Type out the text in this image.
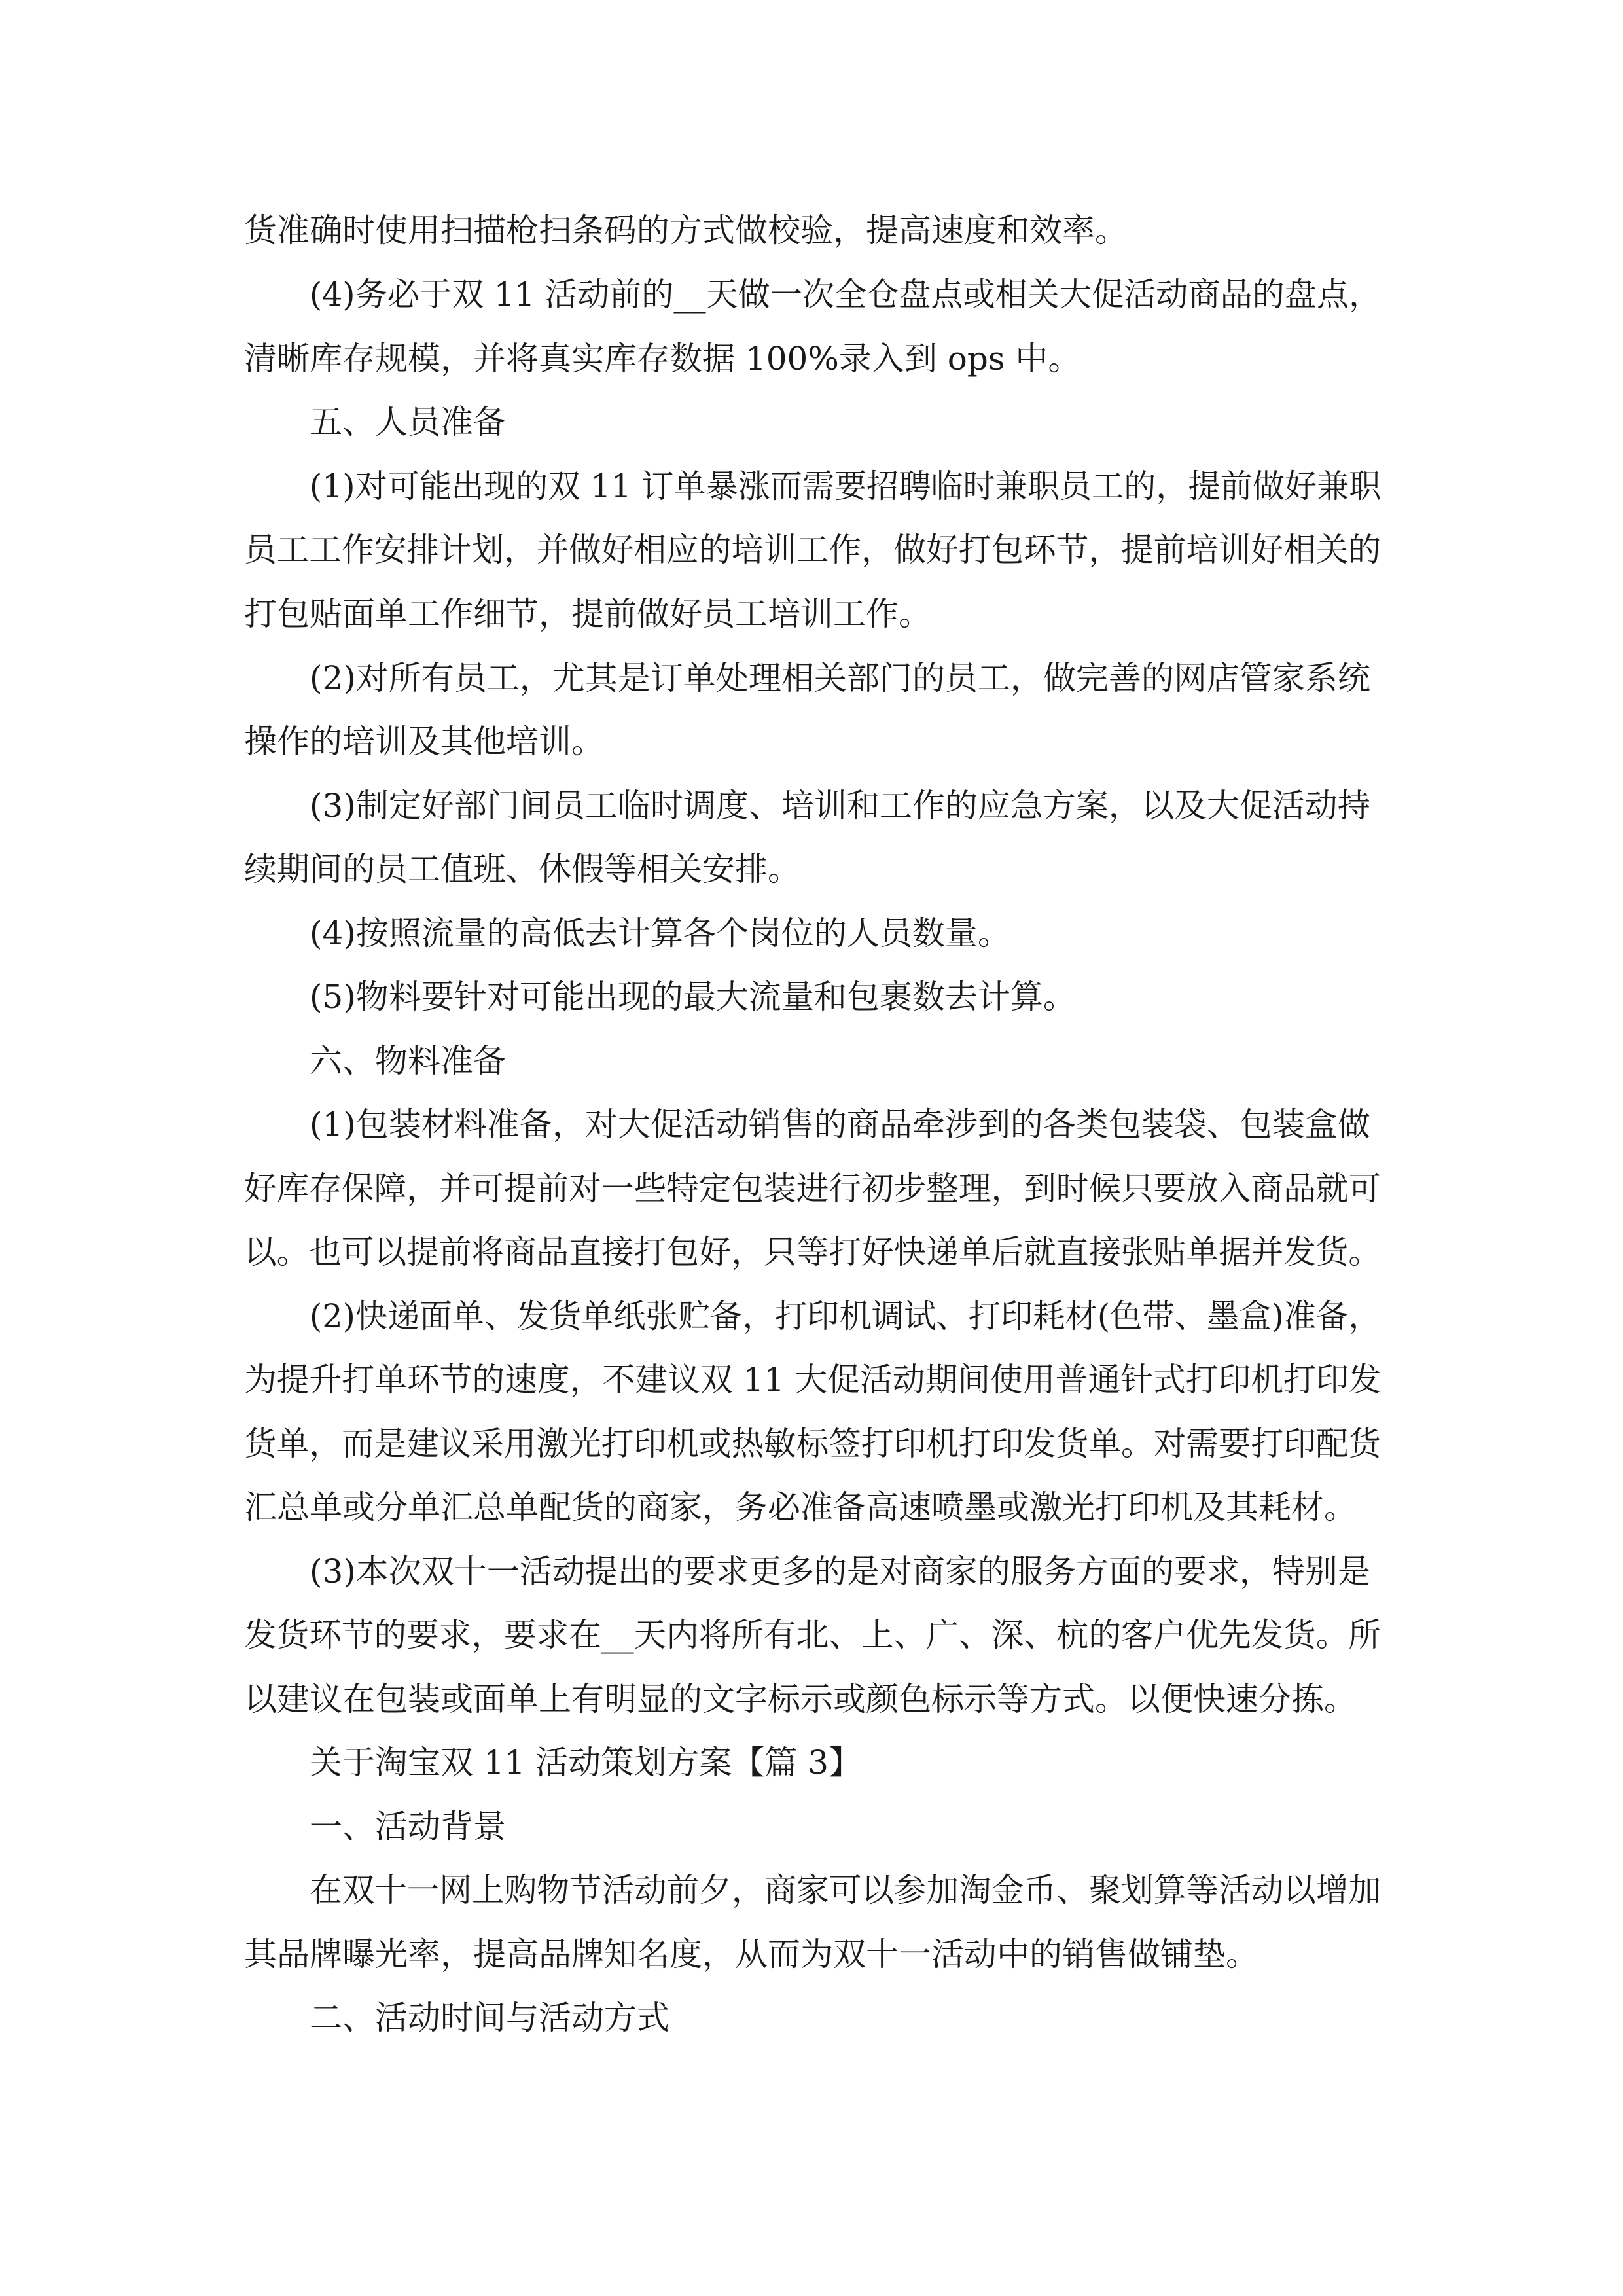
货准确时使用扫描枪扫条码的方式做校验，提高速度和效率。
(4)务必于双 11 活动前的__天做一次全仓盘点或相关大促活动商品的盘点，
清晰库存规模，并将真实库存数据 100%录入到 ops 中。
五、人员准备
(1)对可能出现的双 11 订单暴涨而需要招聘临时兼职员工的，提前做好兼职
员工工作安排计划，并做好相应的培训工作，做好打包环节，提前培训好相关的
打包贴面单工作细节，提前做好员工培训工作。
(2)对所有员工，尤其是订单处理相关部门的员工，做完善的网店管家系统
操作的培训及其他培训。
(3)制定好部门间员工临时调度、培训和工作的应急方案，以及大促活动持
续期间的员工值班、休假等相关安排。
(4)按照流量的高低去计算各个岗位的人员数量。
(5)物料要针对可能出现的最大流量和包裹数去计算。
六、物料准备
(1)包装材料准备，对大促活动销售的商品牵涉到的各类包装袋、包装盒做
好库存保障，并可提前对一些特定包装进行初步整理，到时候只要放入商品就可
以。也可以提前将商品直接打包好，只等打好快递单后就直接张贴单据并发货。
(2)快递面单、发货单纸张贮备，打印机调试、打印耗材(色带、墨盒)准备，
为提升打单环节的速度，不建议双 11 大促活动期间使用普通针式打印机打印发
货单，而是建议采用激光打印机或热敏标签打印机打印发货单。对需要打印配货
汇总单或分单汇总单配货的商家，务必准备高速喷墨或激光打印机及其耗材。
(3)本次双十一活动提出的要求更多的是对商家的服务方面的要求，特别是
发货环节的要求，要求在__天内将所有北、上、广、深、杭的客户优先发货。所
以建议在包装或面单上有明显的文字标示或颜色标示等方式。以便快速分拣。
关于淘宝双 11 活动策划方案【篇 3】
一、活动背景
在双十一网上购物节活动前夕，商家可以参加淘金币、聚划算等活动以增加
其品牌曝光率，提高品牌知名度，从而为双十一活动中的销售做铺垫。
二、活动时间与活动方式
